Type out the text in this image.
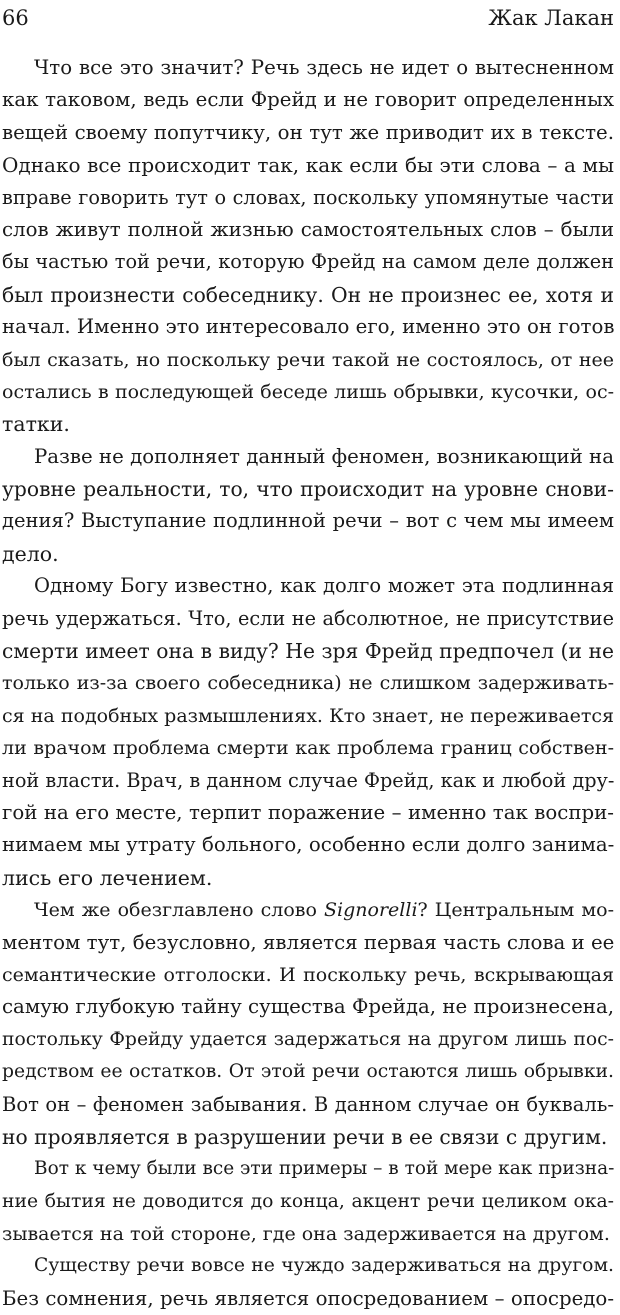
66	Жак Лакан
Что все это значит? Речь здесь не идет о вытесненном
как таковом, ведь если Фрейд и не говорит определенных
вещей своему попутчику, он тут же приводит их в тексте.
Однако все происходит так, как если бы эти слова – а мы
вправе говорить тут о словах, поскольку упомянутые части
слов живут полной жизнью самостоятельных слов – были
бы частью той речи, которую Фрейд на самом деле должен
был произнести собеседнику. Он не произнес ее, хотя и
начал. Именно это интересовало его, именно это он готов
был сказать, но поскольку речи такой не состоялось, от нее
остались в последующей беседе лишь обрывки, кусочки, ос-
татки.
Разве не дополняет данный феномен, возникающий на
уровне реальности, то, что происходит на уровне снови-
дения? Выступание подлинной речи – вот с чем мы имеем
дело.
Одному Богу известно, как долго может эта подлинная
речь удержаться. Что, если не абсолютное, не присутствие
смерти имеет она в виду? Не зря Фрейд предпочел (и не
только из-за своего собеседника) не слишком задерживать-
ся на подобных размышлениях. Кто знает, не переживается
ли врачом проблема смерти как проблема границ собствен-
ной власти. Врач, в данном случае Фрейд, как и любой дру-
гой на его месте, терпит поражение – именно так воспри-
нимаем мы утрату больного, особенно если долго занима-
лись его лечением.
Чем же обезглавлено слово Signorelli? Центральным мо-
ментом тут, безусловно, является первая часть слова и ее
семантические отголоски. И поскольку речь, вскрывающая
самую глубокую тайну существа Фрейда, не произнесена,
постольку Фрейду удается задержаться на другом лишь пос-
редством ее остатков. От этой речи остаются лишь обрывки.
Вот он – феномен забывания. В данном случае он букваль-
но проявляется в разрушении речи в ее связи с другим.
Вот к чему были все эти примеры – в той мере как призна-
ние бытия не доводится до конца, акцент речи целиком ока-
зывается на той стороне, где она задерживается на другом.
Существу речи вовсе не чуждо задерживаться на другом.
Без сомнения, речь является опосредованием – опосредо-
